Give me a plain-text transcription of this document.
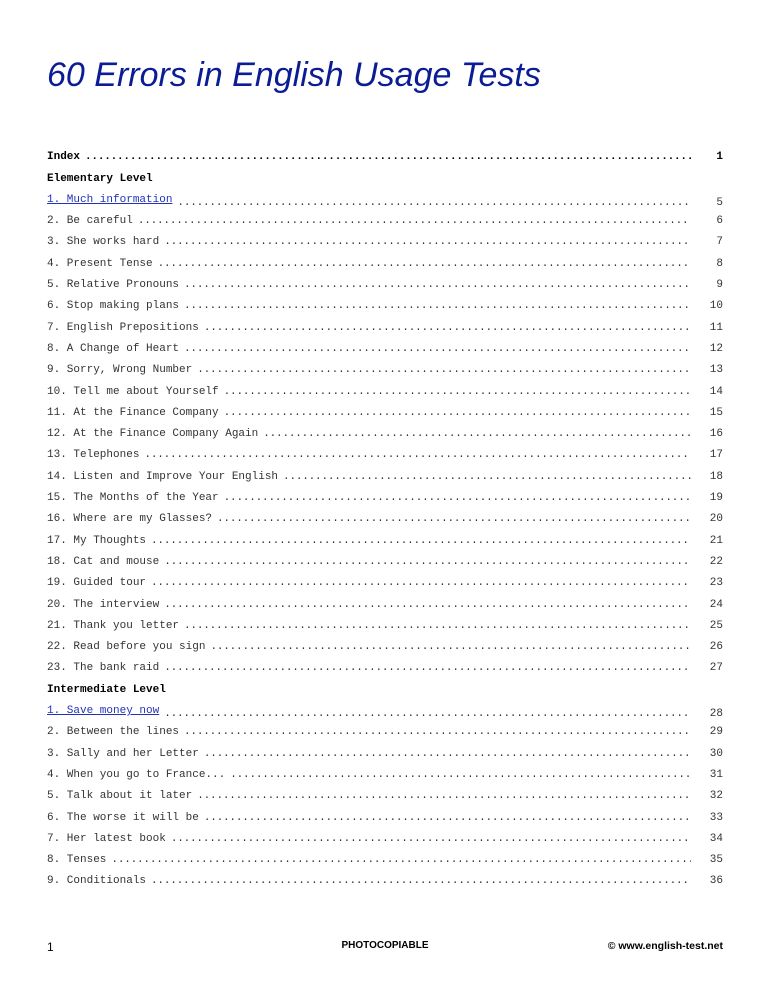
60 Errors in English Usage Tests
Index . . .	1
Elementary Level
1. Much information . . .	5
2. Be careful . . .	6
3. She works hard . . .	7
4. Present Tense . . .	8
5. Relative Pronouns . . .	9
6. Stop making plans . . .	10
7. English Prepositions . . .	11
8. A Change of Heart . . .	12
9. Sorry, Wrong Number . . .	13
10. Tell me about Yourself . . .	14
11. At the Finance Company . . .	15
12. At the Finance Company Again . . .	16
13. Telephones . . .	17
14. Listen and Improve Your English . . .	18
15. The Months of the Year . . .	19
16. Where are my Glasses? . . .	20
17. My Thoughts . . .	21
18. Cat and mouse . . .	22
19. Guided tour . . .	23
20. The interview . . .	24
21. Thank you letter . . .	25
22. Read before you sign . . .	26
23. The bank raid . . .	27
Intermediate Level
1. Save money now . . .	28
2. Between the lines . . .	29
3. Sally and her Letter . . .	30
4. When you go to France... . . .	31
5. Talk about it later . . .	32
6. The worse it will be . . .	33
7. Her latest book . . .	34
8. Tenses . . .	35
9. Conditionals . . .	36
1	PHOTOCOPIABLE	© www.english-test.net
